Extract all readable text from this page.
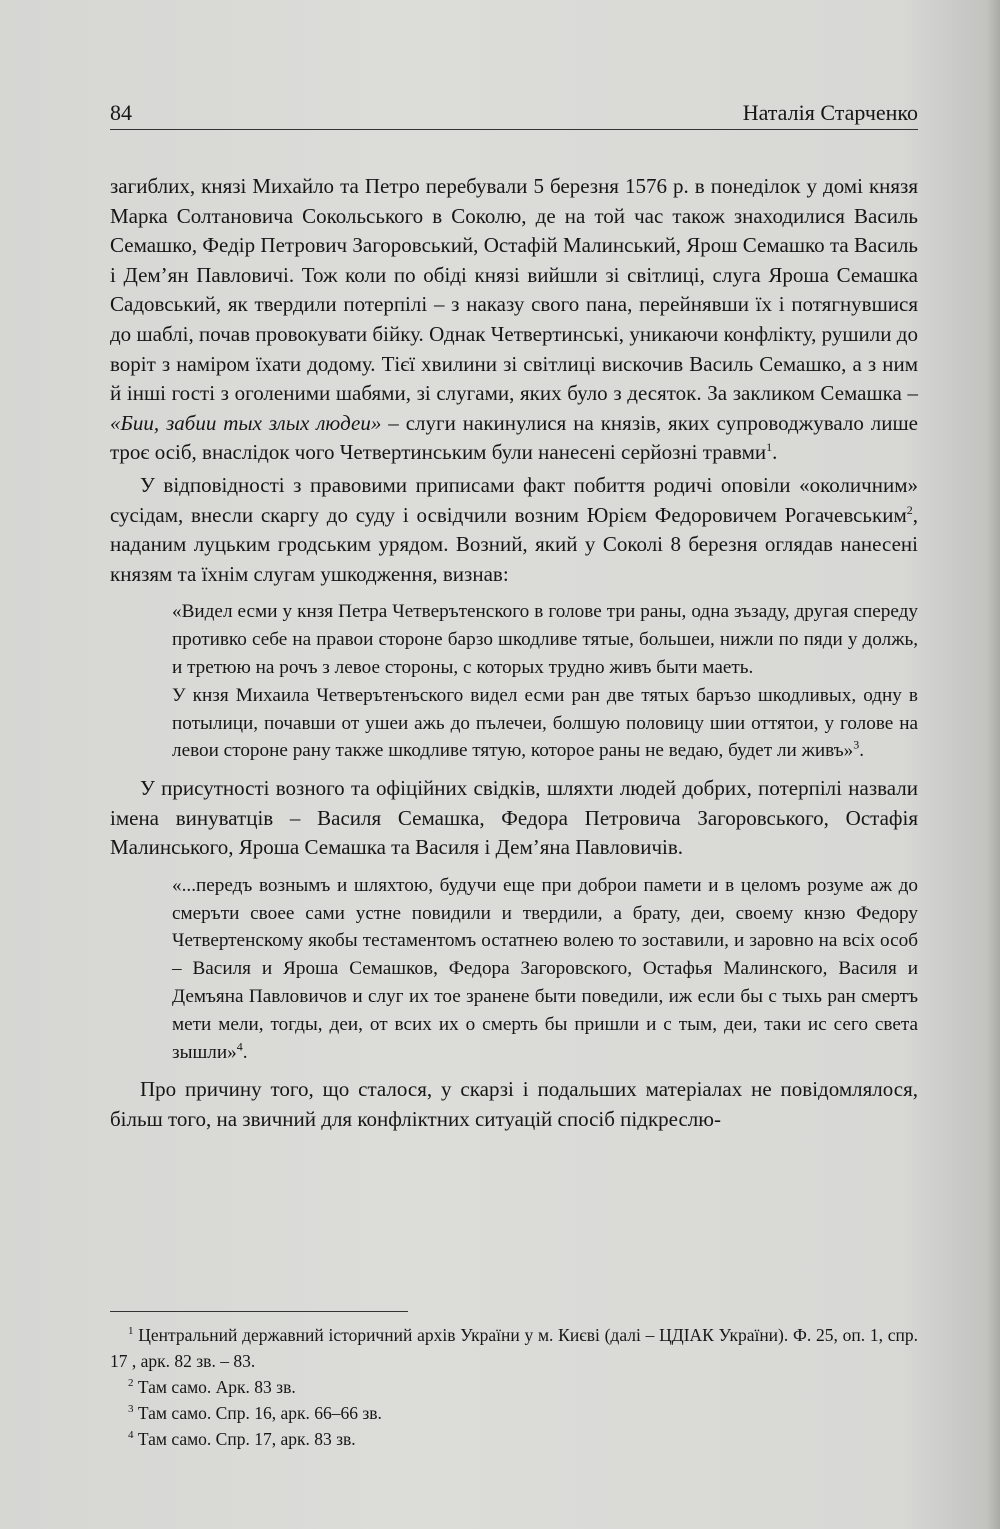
84	Наталія Старченко

загиблих, князі Михайло та Петро перебували 5 березня 1576 р. в понеділок у домі князя Марка Солтановича Сокольського в Соколю, де на той час також знаходилися Василь Семашко, Федір Петрович Загоровський, Остафій Малинський, Ярош Семашко та Василь і Дем’ян Павловичі. Тож коли по обіді князі вийшли зі світлиці, слуга Яроша Семашка Садовський, як твердили потерпілі – з наказу свого пана, перейнявши їх і потягнувшися до шаблі, почав провокувати бійку. Однак Четвертинські, уникаючи конфлікту, рушили до воріт з наміром їхати додому. Тієї хвилини зі світлиці вискочив Василь Семашко, а з ним й інші гості з оголеними шабями, зі слугами, яких було з десяток. За закликом Семашка – «Бии, забии тых злых людеи» – слуги накинулися на князів, яких супроводжувало лише троє осіб, внаслідок чого Четвертинським були нанесені серйозні травми$^1$.

У відповідності з правовими приписами факт побиття родичі оповіли «околичним» сусідам, внесли скаргу до суду і освідчили возним Юрієм Федоровичем Рогачевським$^2$, наданим луцьким гродським урядом. Возний, який у Соколі 8 березня оглядав нанесені князям та їхнім слугам ушкодження, визнав:

«Видел есми у кнзя Петра Четверътенского в голове три раны, одна зъзаду, другая спереду противко себе на правои стороне барзо шкодливе тятые, большеи, нижли по пяди у должь, и третюю на рочъ з левое стороны, с которых трудно живъ быти маеть.

У кнзя Михаила Четверътенъского видел есми ран две тятых баръзо шкодливых, одну в потылици, почавши от ушеи ажь до пълечеи, болшую половицу шии оттятои, у голове на левои стороне рану также шкодливе тятую, которое раны не ведаю, будет ли живъ»$^3$.

У присутності возного та офіційних свідків, шляхти людей добрих, потерпілі назвали імена винуватців – Василя Семашка, Федора Петровича Загоровського, Остафія Малинського, Яроша Семашка та Василя і Дем’яна Павловичів.

«...передъ вознымъ и шляхтою, будучи еще при доброи памети и в целомъ розуме аж до смеръти своее сами устне повидили и твердили, а брату, деи, своему кнзю Федору Четвертенскому якобы тестаментомъ остатнею волею то зоставили, и заровно на всіх особ – Василя и Яроша Семашков, Федора Загоровского, Остафья Малинского, Василя и Демъяна Павловичов и слуг их тое зранене быти поведили, иж если бы с тыхь ран смертъ мети мели, тогды, деи, от всих их о смерть бы пришли и с тым, деи, таки ис сего света зышли»$^4$.

Про причину того, що сталося, у скарзі і подальших матеріалах не повідомлялося, більш того, на звичний для конфліктних ситуацій спосіб підкреслю-

$^1$ Центральний державний історичний архів України у м. Києві (далі – ЦДІАК України). Ф. 25, оп. 1, спр. 17 , арк. 82 зв. – 83.

$^2$ Там само. Арк. 83 зв.

$^3$ Там само. Спр. 16, арк. 66–66 зв.

$^4$ Там само. Спр. 17, арк. 83 зв.
